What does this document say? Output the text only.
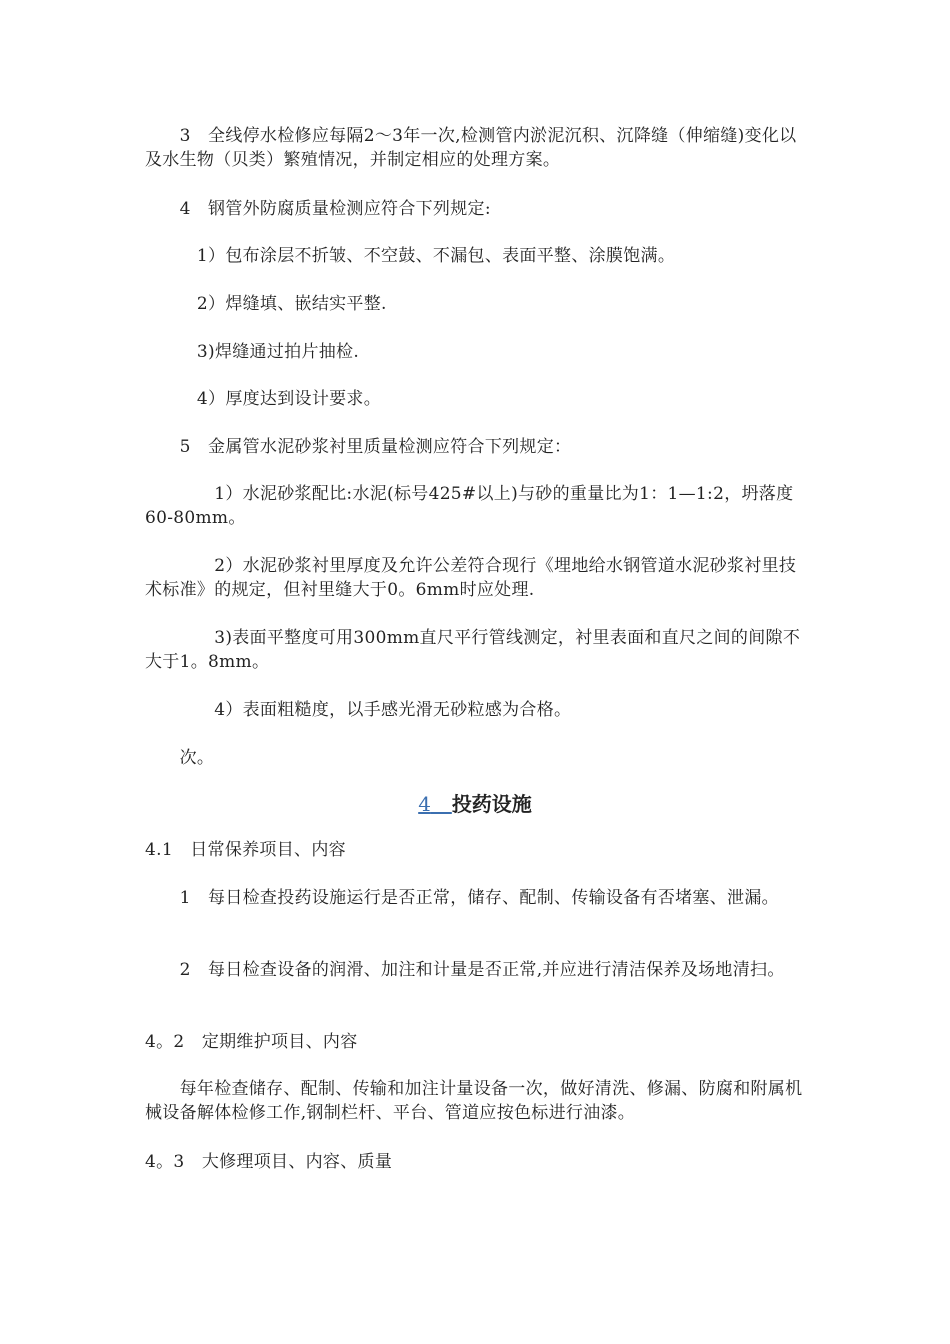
　　3　全线停水检修应每隔2～3年一次,检测管内淤泥沉积、沉降缝（伸缩缝)变化以及水生物（贝类）繁殖情况，并制定相应的处理方案。
　　4　钢管外防腐质量检测应符合下列规定:
　　　1）包布涂层不折皱、不空鼓、不漏包、表面平整、涂膜饱满。
　　　2）焊缝填、嵌结实平整.
　　　3)焊缝通过拍片抽检.
　　　4）厚度达到设计要求。
　　5　金属管水泥砂浆衬里质量检测应符合下列规定：
　　　　1）水泥砂浆配比:水泥(标号425#以上)与砂的重量比为1：1—1:2，坍落度60-80mm。
　　　　2）水泥砂浆衬里厚度及允许公差符合现行《埋地给水钢管道水泥砂浆衬里技术标准》的规定，但衬里缝大于0。6mm时应处理.
　　　　3)表面平整度可用300mm直尺平行管线测定，衬里表面和直尺之间的间隙不大于1。8mm。
　　　　4）表面粗糙度，以手感光滑无砂粒感为合格。
　　次。
4 投药设施
4.1　日常保养项目、内容
　　1　每日检查投药设施运行是否正常，储存、配制、传输设备有否堵塞、泄漏。
　　2　每日检查设备的润滑、加注和计量是否正常,并应进行清洁保养及场地清扫。
4。2　定期维护项目、内容
　　每年检查储存、配制、传输和加注计量设备一次，做好清洗、修漏、防腐和附属机械设备解体检修工作,钢制栏杆、平台、管道应按色标进行油漆。
4。3　大修理项目、内容、质量
